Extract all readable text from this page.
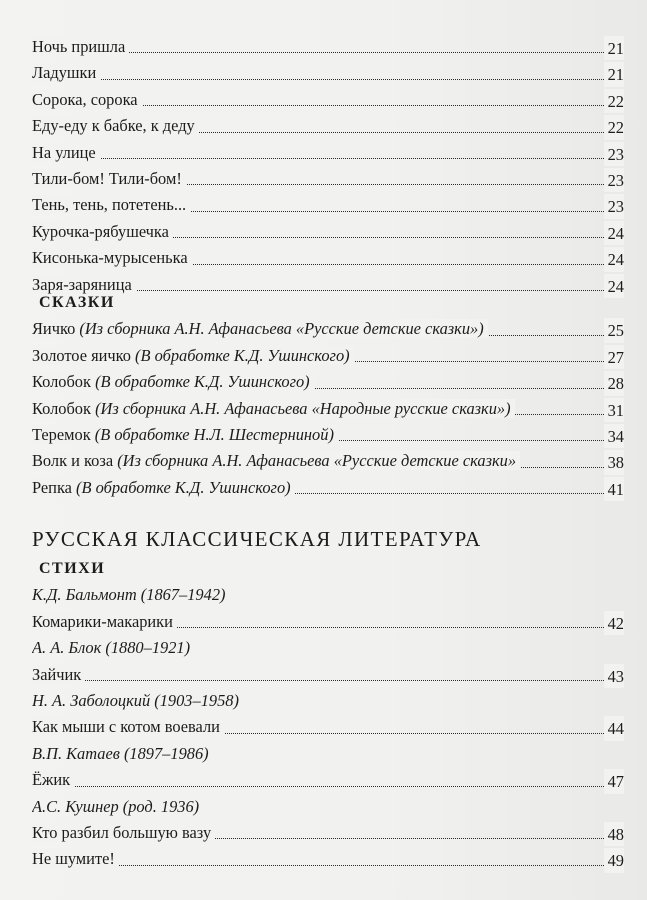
Ночь пришла	21
Ладушки	21
Сорока, сорока	22
Еду-еду к бабке, к деду	22
На улице	23
Тили-бом! Тили-бом!	23
Тень, тень, потетень...	23
Курочка-рябушечка	24
Кисонька-мурысенька	24
Заря-заряница	24
СКАЗКИ
Яичко (Из сборника А.Н. Афанасьева «Русские детские сказки»)	25
Золотое яичко (В обработке К.Д. Ушинского)	27
Колобок (В обработке К.Д. Ушинского)	28
Колобок (Из сборника А.Н. Афанасьева «Народные русские сказки»)	31
Теремок (В обработке Н.Л. Шестерниной)	34
Волк и коза (Из сборника А.Н. Афанасьева «Русские детские сказки»	38
Репка (В обработке К.Д. Ушинского)	41
РУССКАЯ КЛАССИЧЕСКАЯ ЛИТЕРАТУРА
СТИХИ
К.Д. Бальмонт (1867–1942)
Комарики-макарики	42
А. А. Блок (1880–1921)
Зайчик	43
Н. А. Заболоцкий (1903–1958)
Как мыши с котом воевали	44
В.П. Катаев (1897–1986)
Ёжик	47
А.С. Кушнер (род. 1936)
Кто разбил большую вазу	48
Не шумите!	49
